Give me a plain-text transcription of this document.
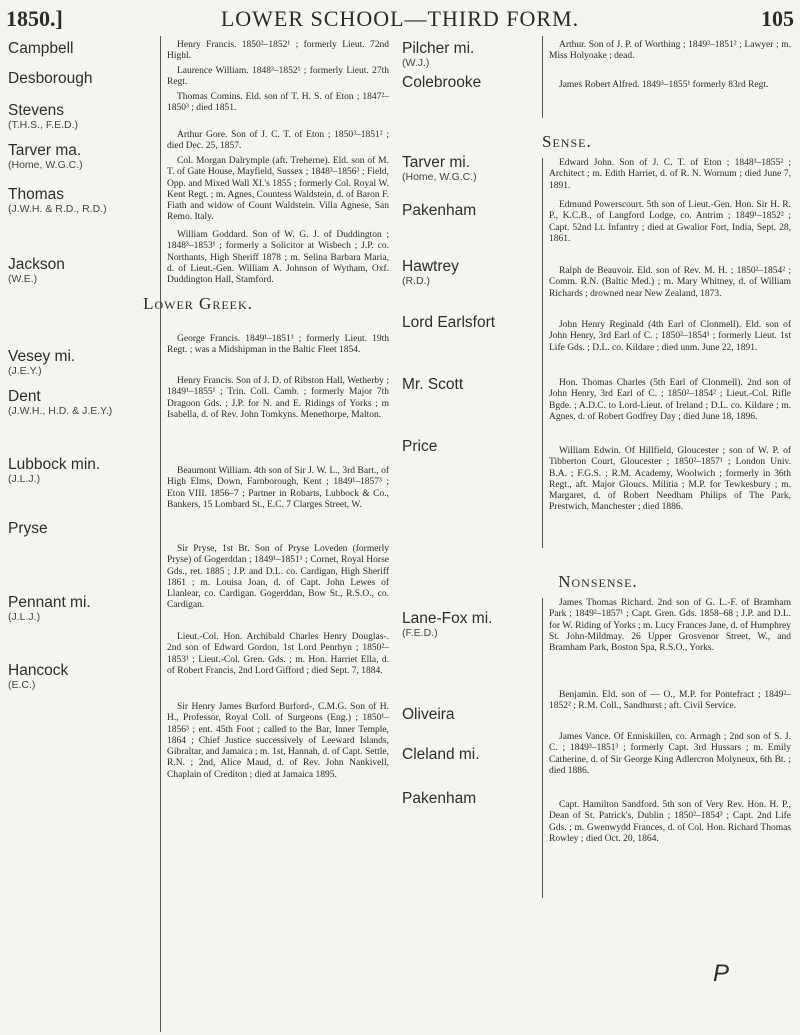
1850.]	LOWER SCHOOL—THIRD FORM.	105
Campbell
Desborough
Stevens
(T.H.S., F.E.D.)
Tarver ma.
(Home, W.G.C.)
Thomas
(J.W.H. & R.D., R.D.)
Jackson
(W.E.)
Vesey mi.
(J.E.Y.)
Dent
(J.W.H., H.D. & J.E.Y.)
Lubbock min.
(J.L.J.)
Pryse
Pennant mi.
(J.L.J.)
Hancock
(E.C.)

Henry Francis. 1850²–1852¹ ; formerly Lieut. 72nd Highl.

Laurence William. 1848³–1852¹ ; formerly Lieut. 27th Regt.

Thomas Comins. Eld. son of T. H. S. of Eton ; 1847²–1850³ ; died 1851.

Arthur Gore. Son of J. C. T. of Eton ; 1850³–1851² ; died Dec. 25, 1857.

Col. Morgan Dalrymple (aft. Treherne). Eld. son of M. T. of Gate House, Mayfield, Sussex ; 1848³–1856³ ; Field, Opp. and Mixed Wall XI.'s 1855 ; formerly Col. Royal W. Kent Regt. ; m. Agnes, Countess Waldstein, d. of Baron F. Fiath and widow of Count Waldstein. Villa Agnese, San Remo. Italy.

William Goddard. Son of W. G. J. of Duddington ; 1848³–1853¹ ; formerly a Solicitor at Wisbech ; J.P. co. Northants, High Sheriff 1878 ; m. Selina Barbara Maria, d. of Lieut.-Gen. William A. Johnson of Wytham, Oxf. Duddington Hall, Stamford.

Lower Greek.

George Francis. 1849¹–1851³ ; formerly Lieut. 19th Regt. ; was a Midshipman in the Baltic Fleet 1854.

Henry Francis. Son of J. D. of Ribston Hall, Wetherby ; 1849¹–1855¹ ; Trin. Coll. Camb. ; formerly Major 7th Dragoon Gds. ; J.P. for N. and E. Ridings of Yorks ; m Isabella, d. of Rev. John Tomkyns. Menethorpe, Malton.

Beaumont William. 4th son of Sir J. W. L., 3rd Bart., of High Elms, Down, Farnborough, Kent ; 1849¹–1857³ ; Eton VIII. 1856–7 ; Partner in Robarts, Lubbock & Co., Bankers, 15 Lombard St., E.C. 7 Clarges Street, W.

Sir Pryse, 1st Bt. Son of Pryse Loveden (formerly Pryse) of Gogerddan ; 1849¹–1851¹ ; Cornet, Royal Horse Gds., ret. 1885 ; J.P. and D.L. co. Cardigan, High Sheriff 1861 ; m. Louisa Joan, d. of Capt. John Lewes of Llanlear, co. Cardigan. Gogerddan, Bow St., R.S.O., co. Cardigan.

Lieut.-Col. Hon. Archibald Charles Henry Douglas-. 2nd son of Edward Gordon, 1st Lord Penrhyn ; 1850²–1853¹ ; Lieut.-Col. Gren. Gds. ; m. Hon. Harriet Ella, d. of Robert Francis, 2nd Lord Gifford ; died Sept. 7, 1884.

Sir Henry James Burford Burford-, C.M.G. Son of H. H., Professor, Royal Coll. of Surgeons (Eng.) ; 1850¹–1856³ ; ent. 45th Foot ; called to the Bar, Inner Temple, 1864 ; Chief Justice successively of Leeward Islands, Gibraltar, and Jamaica ; m. 1st, Hannah, d. of Capt. Settle, R.N. ; 2nd, Alice Maud, d. of Rev. John Nankivell, Chaplain of Crediton ; died at Jamaica 1895.

Pilcher mi.
(W.J.)
Colebrooke
Tarver mi.
(Home, W.G.C.)
Pakenham
Hawtrey
(R.D.)
Lord Earlsfort
Mr. Scott
Price
Lane-Fox mi.
(F.E.D.)
Oliveira
Cleland mi.
Pakenham

Arthur. Son of J. P. of Worthing ; 1849³–1851² ; Lawyer ; m. Miss Holyoake ; dead.

James Robert Alfred. 1849³–1855¹ formerly 83rd Regt.

Sense.

Edward John. Son of J. C. T. of Eton ; 1848³–1855² ; Architect ; m. Edith Harriet, d. of R. N. Wornum ; died June 7, 1891.

Edmund Powerscourt. 5th son of Lieut.-Gen. Hon. Sir H. R. P., K.C.B., of Langford Lodge, co. Antrim ; 1849¹–1852² ; Capt. 52nd Lt. Infantry ; died at Gwalior Fort, India, Sept. 28, 1861.

Ralph de Beauvoir. Eld. son of Rev. M. H. ; 1850²–1854² ; Comm. R.N. (Baltic Med.) ; m. Mary Whitney, d. of William Richards ; drowned near New Zealand, 1873.

John Henry Reginald (4th Earl of Clonmell). Eld. son of John Henry, 3rd Earl of C. ; 1850²–1854¹ ; formerly Lieut. 1st Life Gds. ; D.L. co. Kildare ; died unm. June 22, 1891.

Hon. Thomas Charles (5th Earl of Clonmell). 2nd son of John Henry, 3rd Earl of C. ; 1850²–1854² ; Lieut.-Col. Rifle Bgde. ; A.D.C. to Lord-Lieut. of Ireland ; D.L. co. Kildare ; m. Agnes, d. of Robert Godfrey Day ; died June 18, 1896.

William Edwin. Of Hillfield, Gloucester ; son of W. P. of Tibberton Court, Gloucester ; 1850²–1857¹ ; London Univ. B.A. ; F.G.S. ; R.M. Academy, Woolwich ; formerly in 36th Regt., aft. Major Gloucs. Militia ; M.P. for Tewkesbury ; m. Margaret, d. of Robert Needham Philips of The Park, Prestwich, Manchester ; died 1886.

Nonsense.

James Thomas Richard. 2nd son of G. L.-F. of Bramham Park ; 1849²–1857¹ ; Capt. Gren. Gds. 1858–68 ; J.P. and D.L. for W. Riding of Yorks ; m. Lucy Frances Jane, d. of Humphrey St. John-Mildmay. 26 Upper Grosvenor Street, W., and Bramham Park, Boston Spa, R.S.O., Yorks.

Benjamin. Eld. son of — O., M.P. for Pontefract ; 1849²–1852² ; R.M. Coll., Sandhurst ; aft. Civil Service.

James Vance. Of Enniskillen, co. Armagh ; 2nd son of S. J. C. ; 1849³–1851³ ; formerly Capt. 3rd Hussars ; m. Emily Catherine, d. of Sir George King Adlercron Molyneux, 6th Bt. ; died 1886.

Capt. Hamilton Sandford. 5th son of Very Rev. Hon. H. P., Dean of St. Patrick's, Dublin ; 1850²–1854³ ; Capt. 2nd Life Gds. ; m. Gwenwydd Frances, d. of Col. Hon. Richard Thomas Rowley ; died Oct. 20, 1864.

P
